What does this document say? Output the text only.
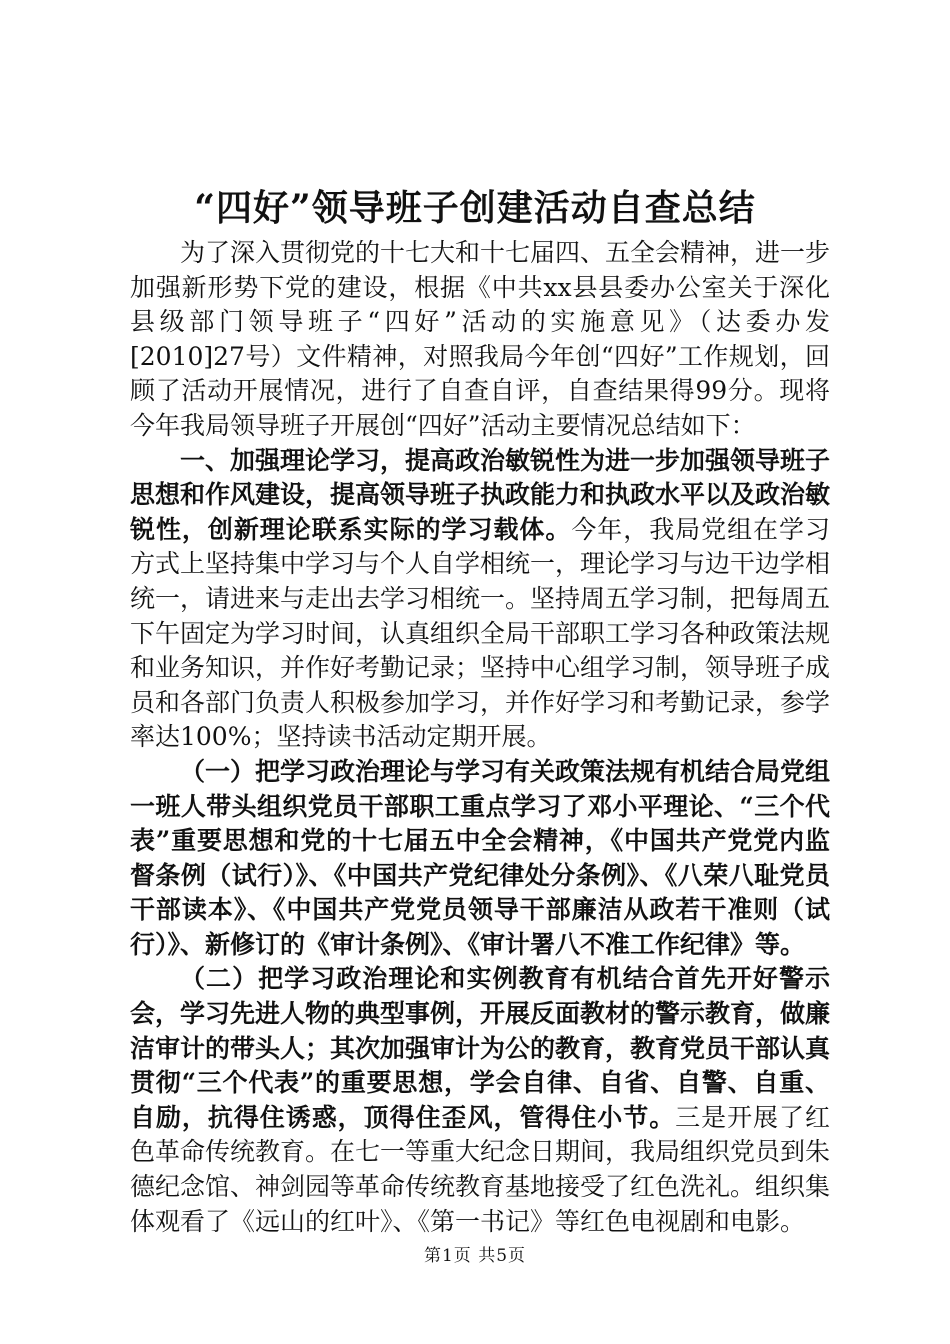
“四好”领导班子创建活动自查总结

为了深入贯彻党的十七大和十七届四、五全会精神，进一步加强新形势下党的建设，根据《中共xx县县委办公室关于深化县级部门领导班子“四好”活动的实施意见》（达委办发[2010]27号）文件精神，对照我局今年创“四好”工作规划，回顾了活动开展情况，进行了自查自评，自查结果得99分。现将今年我局领导班子开展创“四好”活动主要情况总结如下：

一、加强理论学习，提高政治敏锐性为进一步加强领导班子思想和作风建设，提高领导班子执政能力和执政水平以及政治敏锐性，创新理论联系实际的学习载体。今年，我局党组在学习方式上坚持集中学习与个人自学相统一，理论学习与边干边学相统一，请进来与走出去学习相统一。坚持周五学习制，把每周五下午固定为学习时间，认真组织全局干部职工学习各种政策法规和业务知识，并作好考勤记录；坚持中心组学习制，领导班子成员和各部门负责人积极参加学习，并作好学习和考勤记录，参学率达100%；坚持读书活动定期开展。

（一）把学习政治理论与学习有关政策法规有机结合局党组一班人带头组织党员干部职工重点学习了邓小平理论、“三个代表”重要思想和党的十七届五中全会精神，《中国共产党党内监督条例（试行）》、《中国共产党纪律处分条例》、《八荣八耻党员干部读本》、《中国共产党党员领导干部廉洁从政若干准则（试行）》、新修订的《审计条例》、《审计署八不准工作纪律》等。

（二）把学习政治理论和实例教育有机结合首先开好警示会，学习先进人物的典型事例，开展反面教材的警示教育，做廉洁审计的带头人；其次加强审计为公的教育，教育党员干部认真贯彻“三个代表”的重要思想，学会自律、自省、自警、自重、自励，抗得住诱惑，顶得住歪风，管得住小节。三是开展了红色革命传统教育。在七一等重大纪念日期间，我局组织党员到朱德纪念馆、神剑园等革命传统教育基地接受了红色洗礼。组织集体观看了《远山的红叶》、《第一书记》等红色电视剧和电影。

第1页 共5页
